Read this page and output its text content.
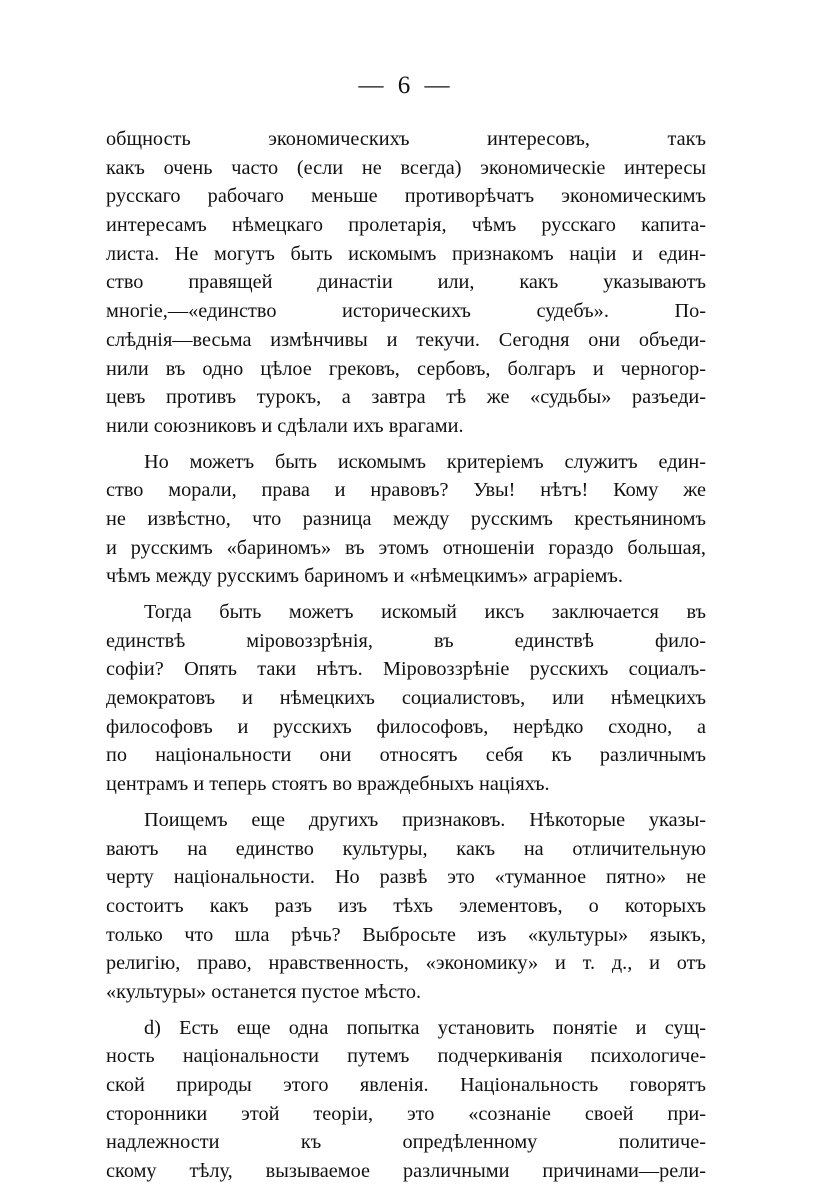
— 6 —
общность экономическихъ интересовъ, такъ
какъ очень часто (если не всегда) экономическiе интересы
русскаго рабочаго меньше противорѣчатъ экономическимъ
интересамъ нѣмецкаго пролетарiя, чѣмъ русскаго капита-
листа. Не могутъ быть искомымъ признакомъ нацiи и един-
ство правящей династiи или, какъ указываютъ
многiе,—«единство историческихъ судебъ». По-
слѣднiя—весьма измѣнчивы и текучи. Сегодня они объеди-
нили въ одно цѣлое грековъ, сербовъ, болгаръ и черногор-
цевъ противъ турокъ, а завтра тѣ же «судьбы» разъеди-
нили союзниковъ и сдѣлали ихъ врагами.
Но можетъ быть искомымъ критерiемъ служитъ един-
ство морали, права и нравовъ? Увы! нѣтъ! Кому же
не извѣстно, что разница между русскимъ крестьяниномъ
и русскимъ «бариномъ» въ этомъ отношенiи гораздо большая,
чѣмъ между русскимъ бариномъ и «нѣмецкимъ» аграрiемъ.
Тогда быть можетъ искомый иксъ заключается въ
единствѣ мiровоззрѣнiя, въ единствѣ фило-
софiи? Опять таки нѣтъ. Мiровоззрѣнiе русскихъ социалъ-
демократовъ и нѣмецкихъ социалистовъ, или нѣмецкихъ
философовъ и русскихъ философовъ, нерѣдко сходно, а
по нацiональности они относятъ себя къ различнымъ
центрамъ и теперь стоятъ во враждебныхъ нацiяхъ.
Поищемъ еще другихъ признаковъ. Нѣкоторые указы-
ваютъ на единство культуры, какъ на отличительную
черту нацiональности. Но развѣ это «туманное пятно» не
состоитъ какъ разъ изъ тѣхъ элементовъ, о которыхъ
только что шла рѣчь? Выбросьте изъ «культуры» языкъ,
религiю, право, нравственность, «экономику» и т. д., и отъ
«культуры» останется пустое мѣсто.
d) Есть еще одна попытка установить понятiе и сущ-
ность нацiональности путемъ подчеркиванiя психологиче-
ской природы этого явленiя. Нацiональность говорятъ
сторонники этой теорiи, это «сознанiе своей при-
надлежности къ опредѣленному политиче-
скому тѣлу, вызываемое различными причинами—рели-
